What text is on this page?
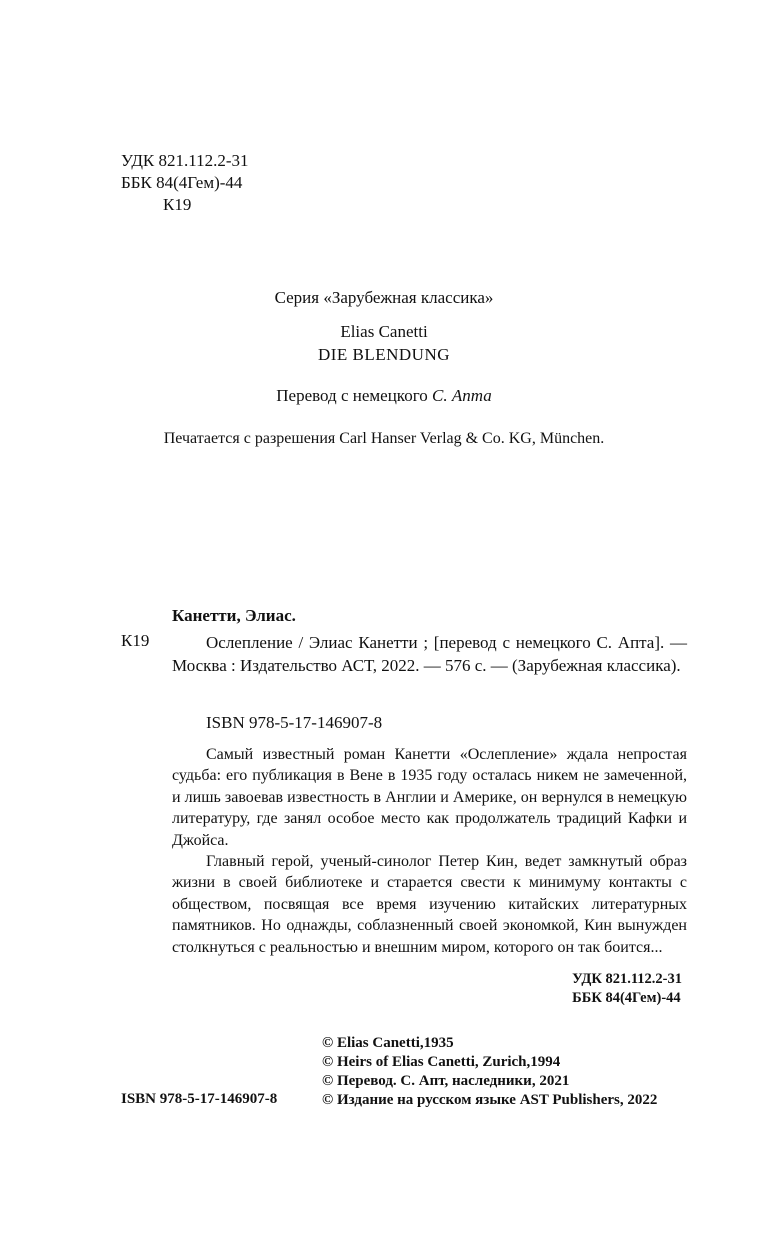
УДК 821.112.2-31
ББК 84(4Гем)-44
К19

Серия «Зарубежная классика»

Elias Canetti

DIE BLENDUNG

Перевод с немецкого С. Апта

Печатается с разрешения Carl Hanser Verlag & Co. KG, München.

Канетти, Элиас.

К19	Ослепление / Элиас Канетти ; [перевод с немецкого С. Апта]. — Москва : Издательство АСТ, 2022. — 576 с. — (Зарубежная классика).

ISBN 978-5-17-146907-8

Самый известный роман Канетти «Ослепление» ждала непростая судьба: его публикация в Вене в 1935 году осталась никем не замеченной, и лишь завоевав известность в Англии и Америке, он вернулся в немецкую литературу, где занял особое место как продолжатель традиций Кафки и Джойса.

Главный герой, ученый-синолог Петер Кин, ведет замкнутый образ жизни в своей библиотеке и старается свести к минимуму контакты с обществом, посвящая все время изучению китайских литературных памятников. Но однажды, соблазненный своей экономкой, Кин вынужден столкнуться с реальностью и внешним миром, которого он так боится...

УДК 821.112.2-31
ББК 84(4Гем)-44

ISBN 978-5-17-146907-8

© Elias Canetti,1935
© Heirs of Elias Canetti, Zurich,1994
© Перевод. С. Апт, наследники, 2021
© Издание на русском языке AST Publishers, 2022
